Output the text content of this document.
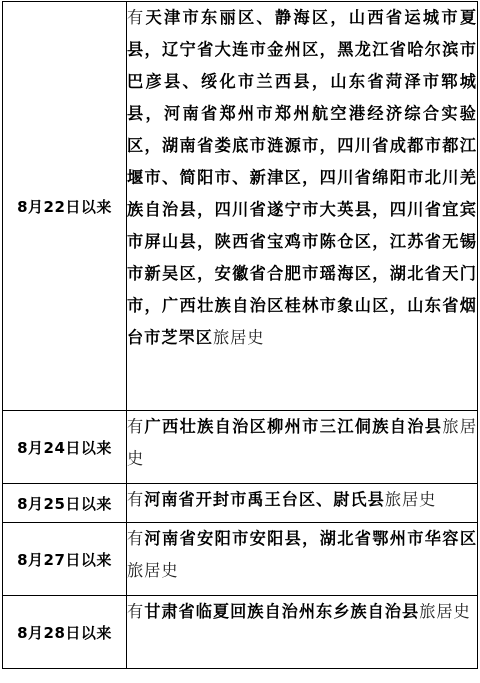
8月22日以来	有天津市东丽区、静海区，山西省运城市夏县，辽宁省大连市金州区，黑龙江省哈尔滨市巴彦县、绥化市兰西县，山东省菏泽市郓城县，河南省郑州市郑州航空港经济综合实验区，湖南省娄底市涟源市，四川省成都市都江堰市、简阳市、新津区，四川省绵阳市北川羌族自治县，四川省遂宁市大英县，四川省宜宾市屏山县，陕西省宝鸡市陈仓区，江苏省无锡市新吴区，安徽省合肥市瑶海区，湖北省天门市，广西壮族自治区桂林市象山区，山东省烟台市芝罘区旅居史
8月24日以来	有广西壮族自治区柳州市三江侗族自治县旅居史
8月25日以来	有河南省开封市禹王台区、尉氏县旅居史
8月27日以来	有河南省安阳市安阳县，湖北省鄂州市华容区旅居史
8月28日以来	有甘肃省临夏回族自治州东乡族自治县旅居史
